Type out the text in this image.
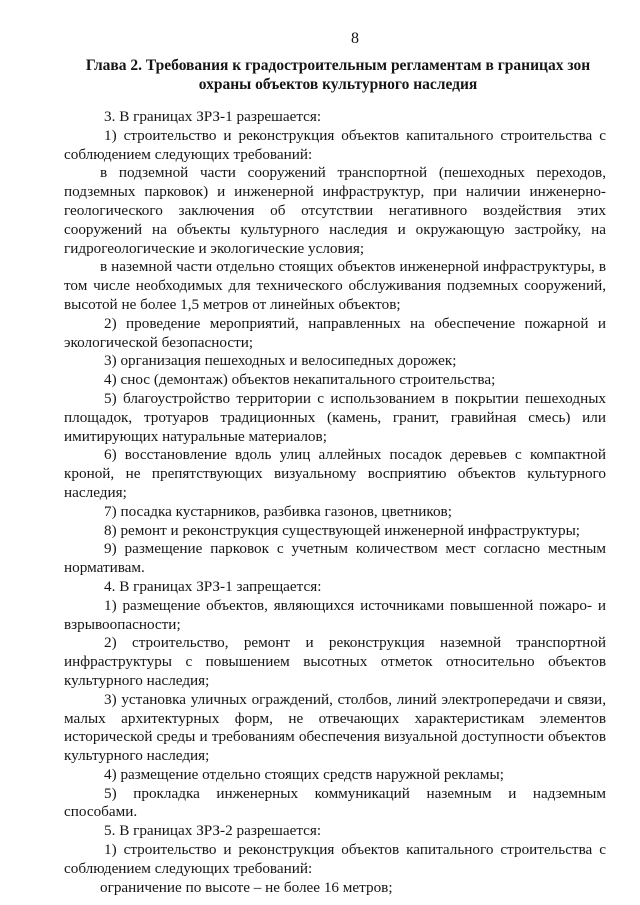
8
Глава 2. Требования к градостроительным регламентам в границах зон охраны объектов культурного наследия

3. В границах ЗРЗ-1 разрешается:

1) строительство и реконструкция объектов капитального строительства с соблюдением следующих требований:

в подземной части сооружений транспортной (пешеходных переходов, подземных парковок) и инженерной инфраструктур, при наличии инженерно-геологического заключения об отсутствии негативного воздействия этих сооружений на объекты культурного наследия и окружающую застройку, на гидрогеологические и экологические условия;

в наземной части отдельно стоящих объектов инженерной инфраструктуры, в том числе необходимых для технического обслуживания подземных сооружений, высотой не более 1,5 метров от линейных объектов;

2) проведение мероприятий, направленных на обеспечение пожарной и экологической безопасности;

3) организация пешеходных и велосипедных дорожек;

4) снос (демонтаж) объектов некапитального строительства;

5) благоустройство территории с использованием в покрытии пешеходных площадок, тротуаров традиционных (камень, гранит, гравийная смесь) или имитирующих натуральные материалов;

6) восстановление вдоль улиц аллейных посадок деревьев с компактной кроной, не препятствующих визуальному восприятию объектов культурного наследия;

7) посадка кустарников, разбивка газонов, цветников;

8) ремонт и реконструкция существующей инженерной инфраструктуры;

9) размещение парковок с учетным количеством мест согласно местным нормативам.

4. В границах ЗРЗ-1 запрещается:

1) размещение объектов, являющихся источниками повышенной пожаро- и взрывоопасности;

2) строительство, ремонт и реконструкция наземной транспортной инфраструктуры с повышением высотных отметок относительно объектов культурного наследия;

3) установка уличных ограждений, столбов, линий электропередачи и связи, малых архитектурных форм, не отвечающих характеристикам элементов исторической среды и требованиям обеспечения визуальной доступности объектов культурного наследия;

4) размещение отдельно стоящих средств наружной рекламы;

5) прокладка инженерных коммуникаций наземным и надземным способами.

5. В границах ЗРЗ-2 разрешается:

1) строительство и реконструкция объектов капитального строительства с соблюдением следующих требований:

ограничение по высоте – не более 16 метров;
